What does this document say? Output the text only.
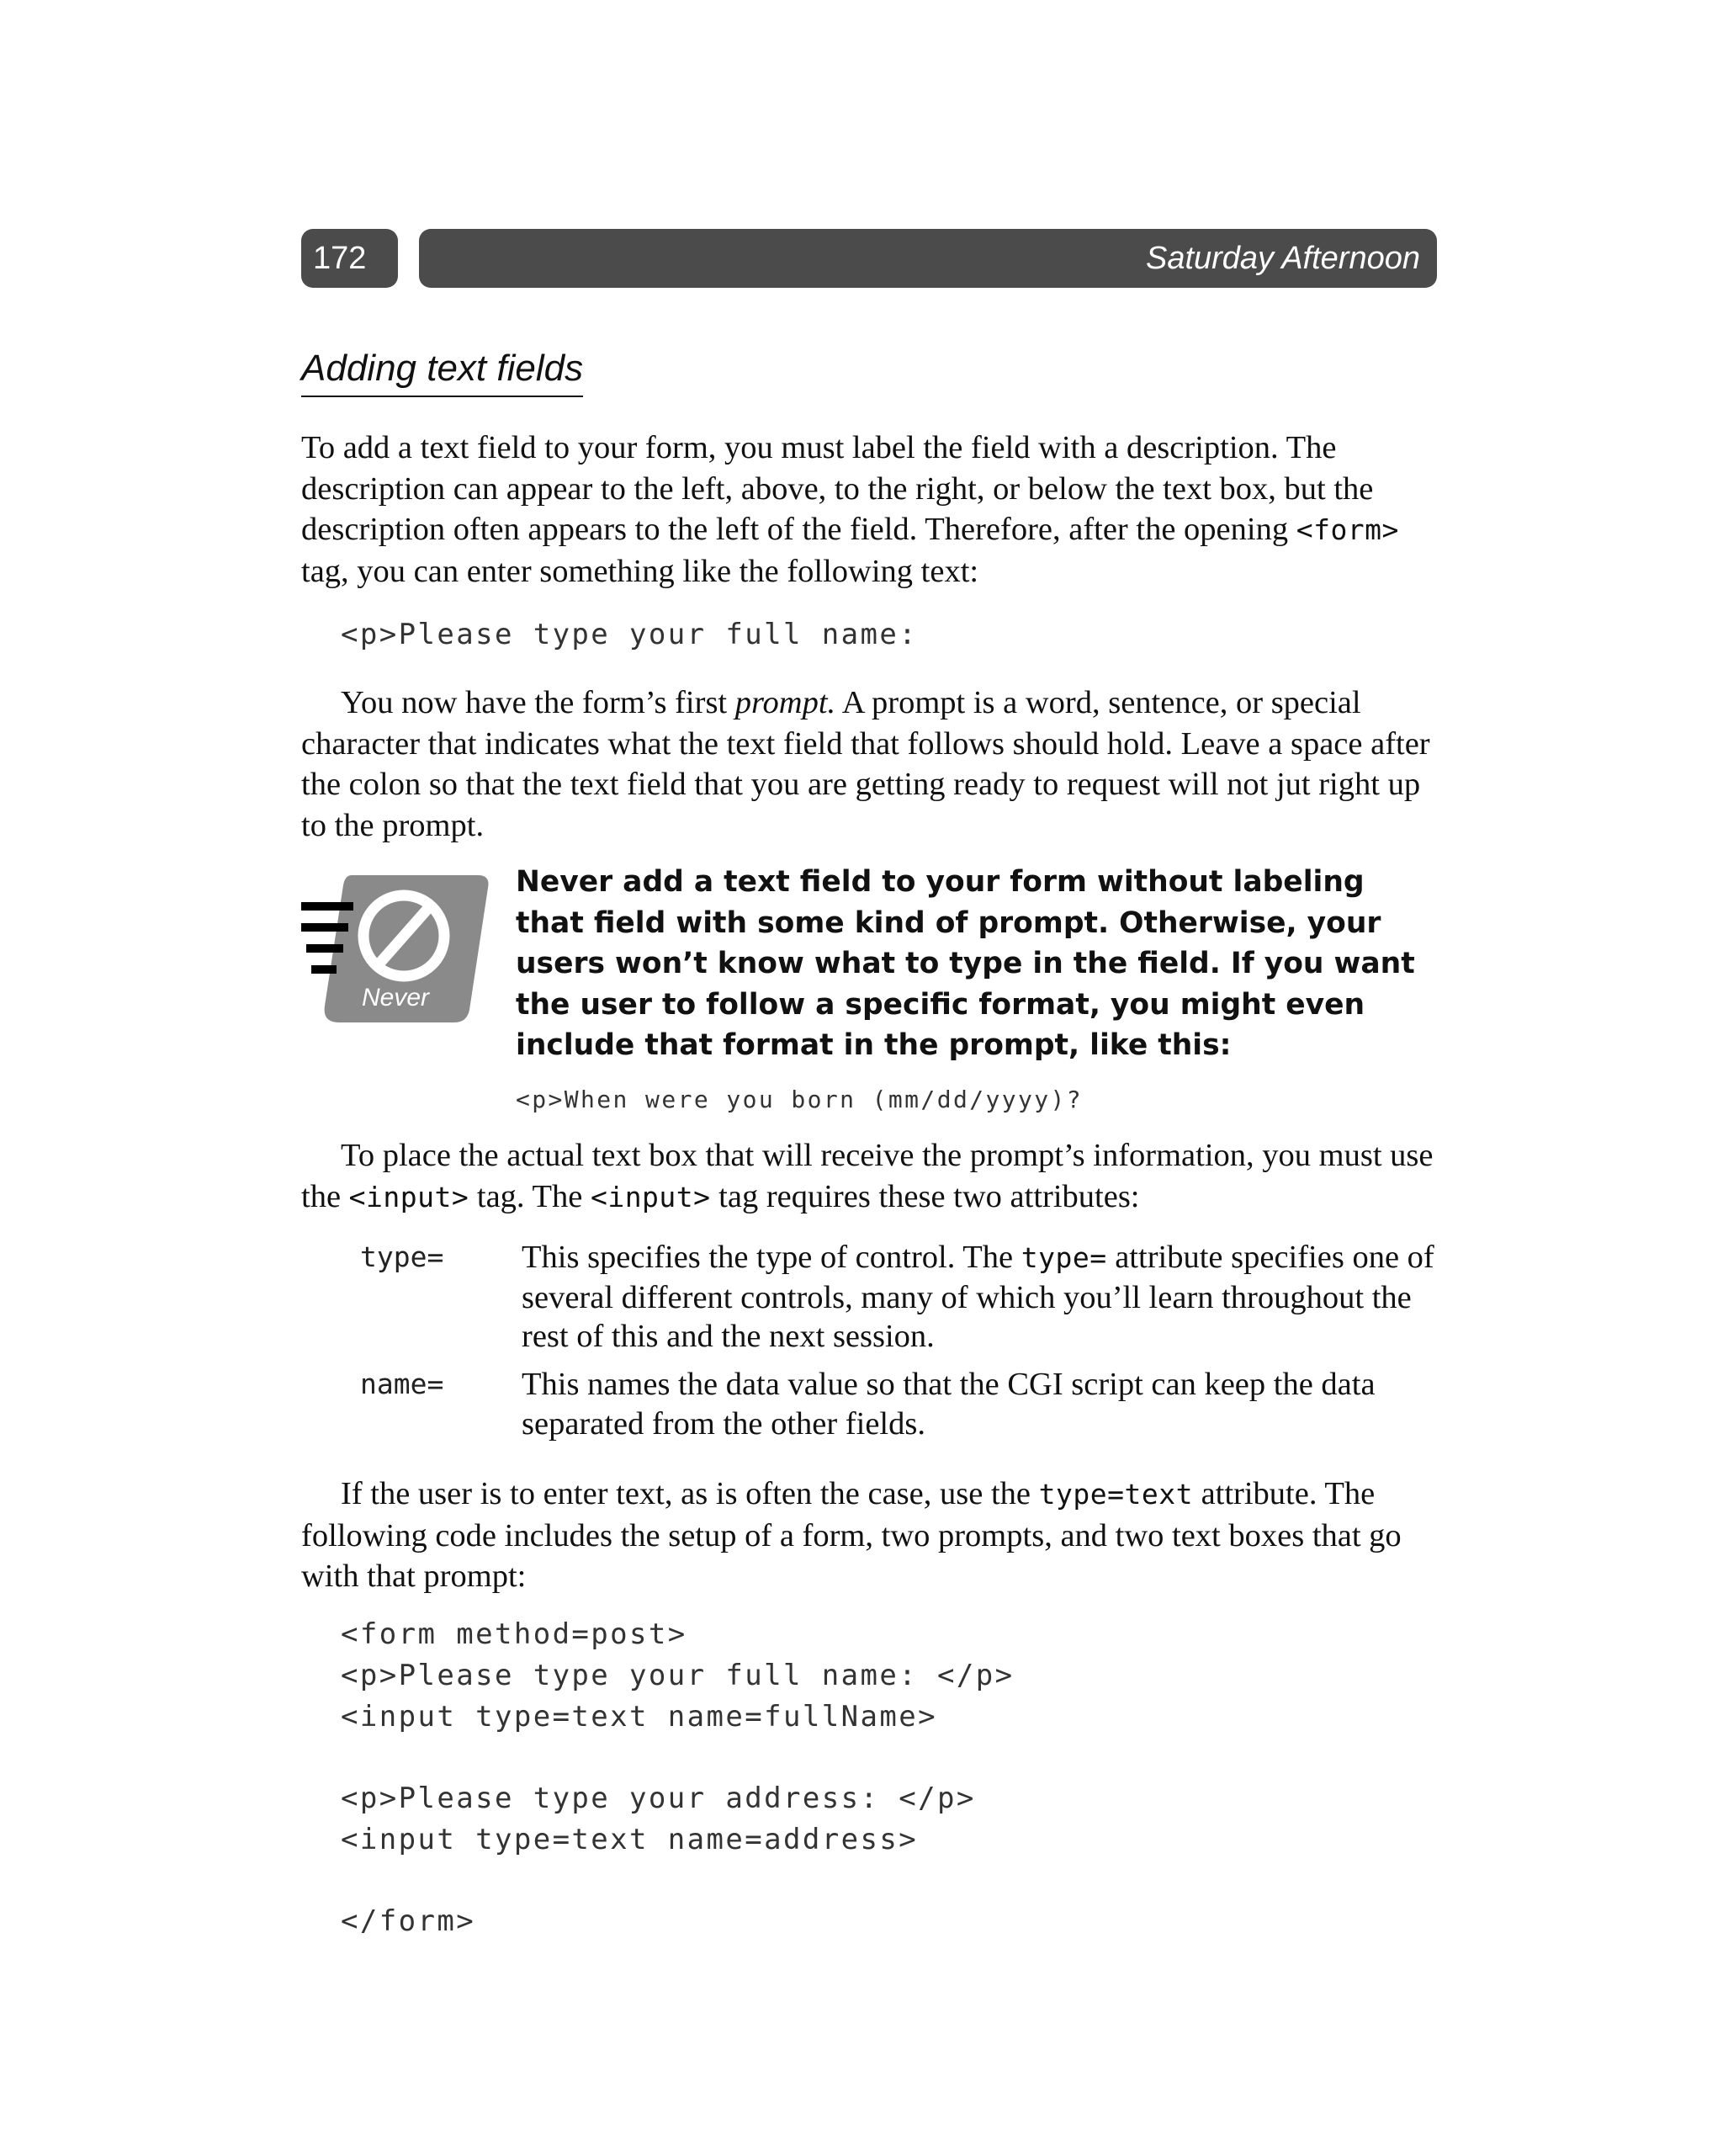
172	Saturday Afternoon
Adding text fields

To add a text field to your form, you must label the field with a description. The description can appear to the left, above, to the right, or below the text box, but the description often appears to the left of the field. Therefore, after the opening <form> tag, you can enter something like the following text:

<p>Please type your full name:

You now have the form’s first prompt. A prompt is a word, sentence, or special character that indicates what the text field that follows should hold. Leave a space after the colon so that the text field that you are getting ready to request will not jut right up to the prompt.

Never

Never add a text field to your form without labeling that field with some kind of prompt. Otherwise, your users won’t know what to type in the field. If you want the user to follow a specific format, you might even include that format in the prompt, like this:

<p>When were you born (mm/dd/yyyy)?

To place the actual text box that will receive the prompt’s information, you must use the <input> tag. The <input> tag requires these two attributes:

type= This specifies the type of control. The type= attribute specifies one of several different controls, many of which you’ll learn throughout the rest of this and the next session.

name= This names the data value so that the CGI script can keep the data separated from the other fields.

If the user is to enter text, as is often the case, use the type=text attribute. The following code includes the setup of a form, two prompts, and two text boxes that go with that prompt:

<form method=post>

<p>Please type your full name: </p>

<input type=text name=fullName>

<p>Please type your address: </p>

<input type=text name=address>

</form>
